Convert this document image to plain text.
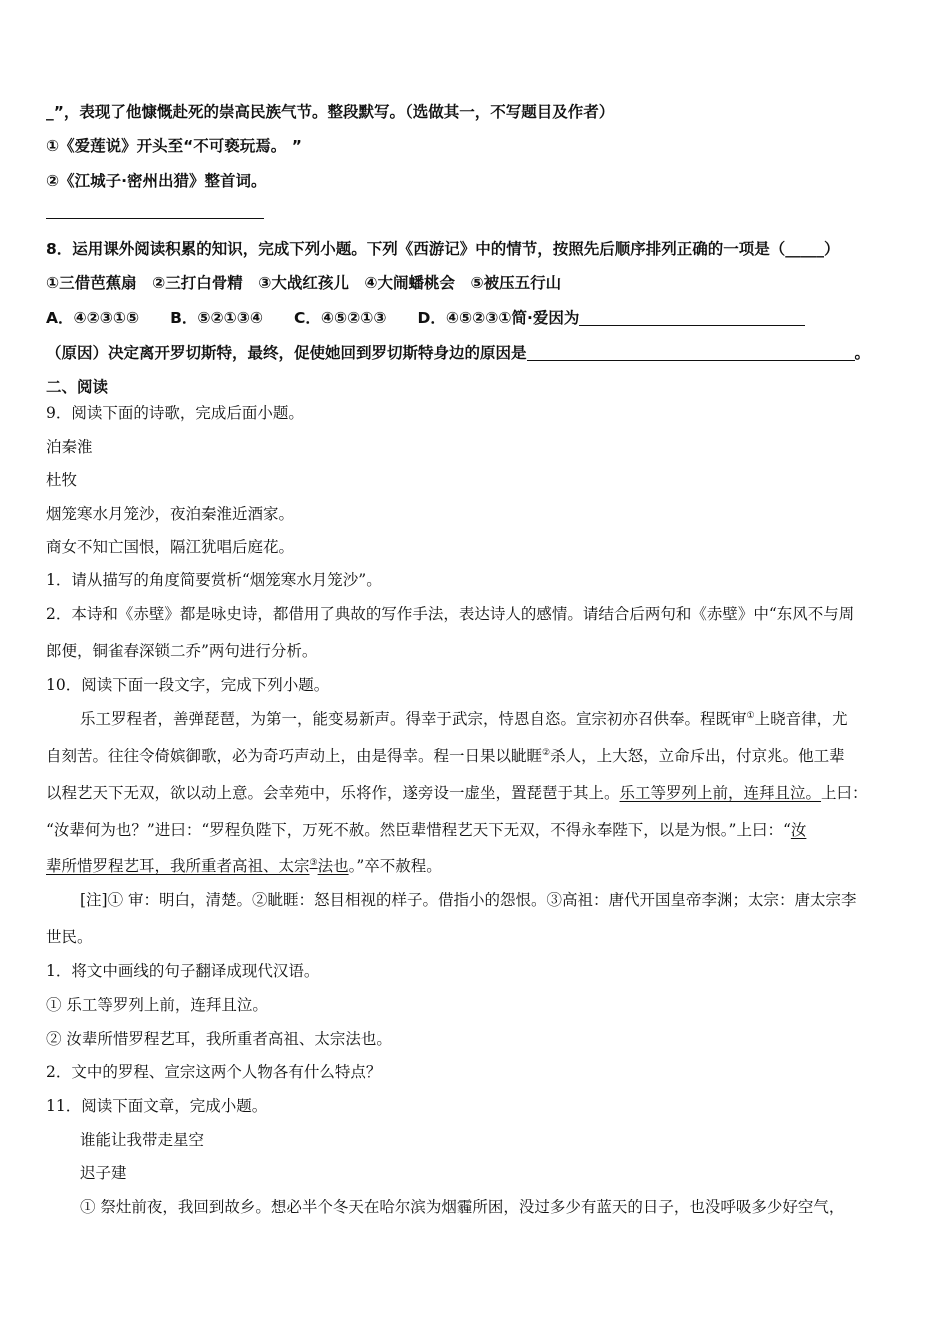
_”，表现了他慷慨赴死的崇高民族气节。整段默写。（选做其一，不写题目及作者）
①《爱莲说》开头至“不可亵玩焉。 ”
②《江城子·密州出猎》整首词。
8．运用课外阅读积累的知识，完成下列小题。下列《西游记》中的情节，按照先后顺序排列正确的一项是（_____）
①三借芭蕉扇　②三打白骨精　③大战红孩儿　④大闹蟠桃会　⑤被压五行山
A．④②③①⑤　　B．⑤②①③④　　C．④⑤②①③　　D．④⑤②③①简·爱因为
（原因）决定离开罗切斯特，最终，促使她回到罗切斯特身边的原因是	。
二、阅读
9．阅读下面的诗歌，完成后面小题。
泊秦淮
杜牧
烟笼寒水月笼沙，夜泊秦淮近酒家。
商女不知亡国恨，隔江犹唱后庭花。
1．请从描写的角度简要赏析“烟笼寒水月笼沙”。
2．本诗和《赤壁》都是咏史诗，都借用了典故的写作手法，表达诗人的感情。请结合后两句和《赤壁》中“东风不与周
郎便，铜雀春深锁二乔”两句进行分析。
10．阅读下面一段文字，完成下列小题。
乐工罗程者，善弹琵琶，为第一，能变易新声。得幸于武宗，恃恩自恣。宣宗初亦召供奉。程既审①上晓音律，尤
自刻苦。往往令倚嫔御歌，必为奇巧声动上，由是得幸。程一日果以眦睚②杀人，上大怒，立命斥出，付京兆。他工辈
以程艺天下无双，欲以动上意。会幸苑中，乐将作，遂旁设一虚坐，置琵琶于其上。乐工等罗列上前，连拜且泣。上曰：
“汝辈何为也？”进曰：“罗程负陛下，万死不赦。然臣辈惜程艺天下无双，不得永奉陛下，以是为恨。”上曰：“汝
辈所惜罗程艺耳，我所重者高祖、太宗③法也。”卒不赦程。
[注]① 审：明白，清楚。②眦睚：怒目相视的样子。借指小的怨恨。③高祖：唐代开国皇帝李渊；太宗：唐太宗李
世民。
1．将文中画线的句子翻译成现代汉语。
① 乐工等罗列上前，连拜且泣。
② 汝辈所惜罗程艺耳，我所重者高祖、太宗法也。
2．文中的罗程、宣宗这两个人物各有什么特点？
11．阅读下面文章，完成小题。
谁能让我带走星空
迟子建
① 祭灶前夜，我回到故乡。想必半个冬天在哈尔滨为烟霾所困，没过多少有蓝天的日子，也没呼吸多少好空气，
